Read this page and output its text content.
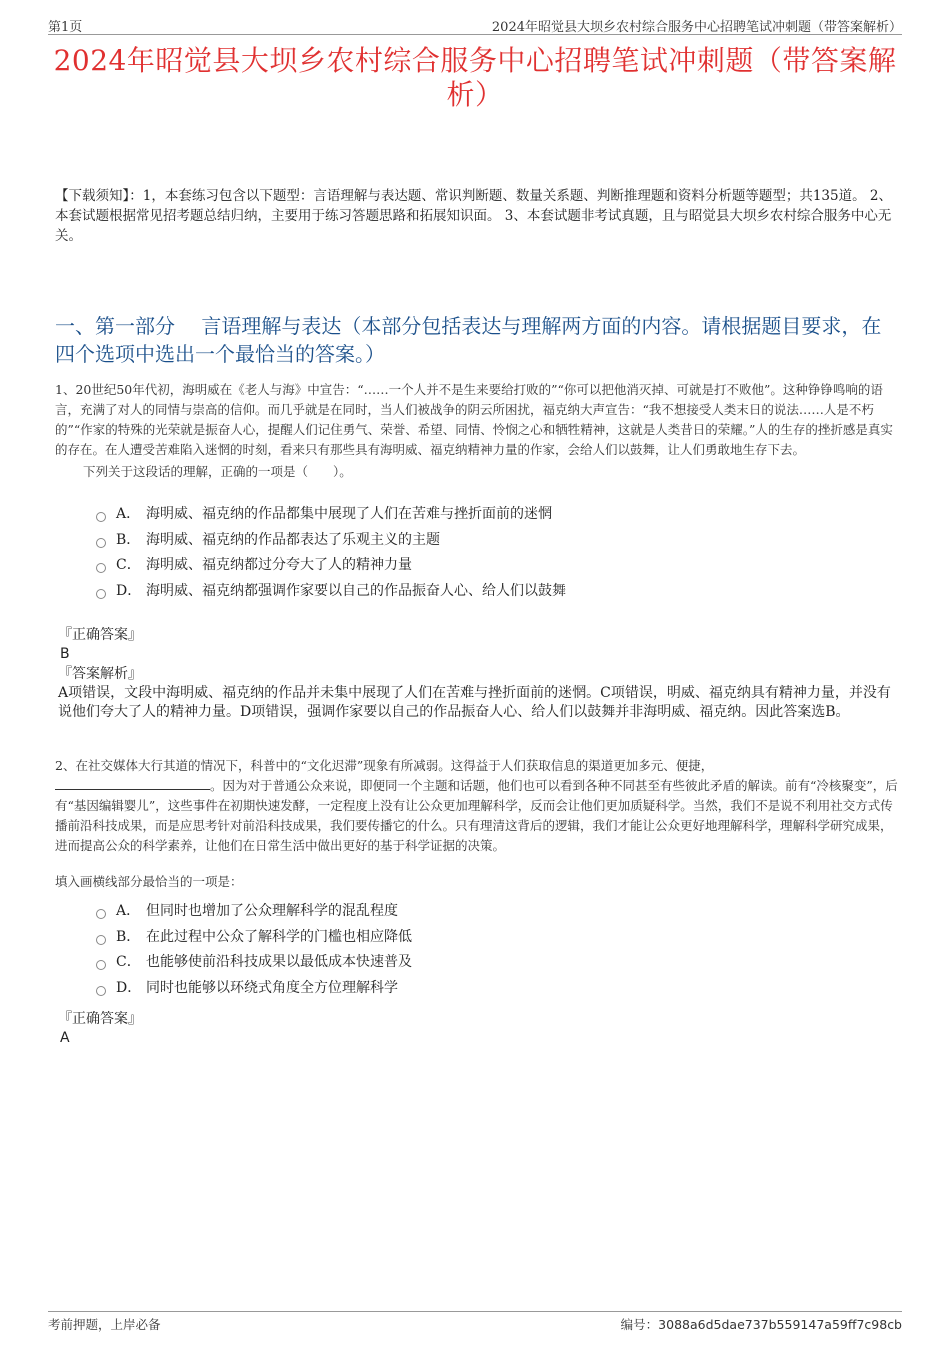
第1页	2024年昭觉县大坝乡农村综合服务中心招聘笔试冲刺题（带答案解析）
2024年昭觉县大坝乡农村综合服务中心招聘笔试冲刺题（带答案解析）
【下载须知】：1，本套练习包含以下题型：言语理解与表达题、常识判断题、数量关系题、判断推理题和资料分析题等题型；共135道。 2、本套试题根据常见招考题总结归纳，主要用于练习答题思路和拓展知识面。 3、本套试题非考试真题，且与昭觉县大坝乡农村综合服务中心无关。
一、第一部分　 言语理解与表达（本部分包括表达与理解两方面的内容。请根据题目要求，在四个选项中选出一个最恰当的答案。）

1、20世纪50年代初，海明威在《老人与海》中宣告：“……一个人并不是生来要给打败的”“你可以把他消灭掉、可就是打不败他”。这种铮铮鸣响的语言，充满了对人的同情与崇高的信仰。而几乎就是在同时，当人们被战争的阴云所困扰，福克纳大声宣告：“我不想接受人类末日的说法……人是不朽的”“作家的特殊的光荣就是振奋人心，提醒人们记住勇气、荣誉、希望、同情、怜悯之心和牺牲精神，这就是人类昔日的荣耀。”人的生存的挫折感是真实的存在。在人遭受苦难陷入迷惘的时刻，看来只有那些具有海明威、福克纳精神力量的作家，会给人们以鼓舞，让人们勇敢地生存下去。

下列关于这段话的理解，正确的一项是（　　）。

A． 海明威、福克纳的作品都集中展现了人们在苦难与挫折面前的迷惘
B． 海明威、福克纳的作品都表达了乐观主义的主题
C． 海明威、福克纳都过分夸大了人的精神力量
D． 海明威、福克纳都强调作家要以自己的作品振奋人心、给人们以鼓舞
『正确答案』
B
『答案解析』
A项错误，文段中海明威、福克纳的作品并未集中展现了人们在苦难与挫折面前的迷惘。C项错误，明威、福克纳具有精神力量，并没有说他们夸大了人的精神力量。D项错误，强调作家要以自己的作品振奋人心、给人们以鼓舞并非海明威、福克纳。因此答案选B。

2、在社交媒体大行其道的情况下，科普中的“文化迟滞”现象有所减弱。这得益于人们获取信息的渠道更加多元、便捷，
。因为对于普通公众来说，即便同一个主题和话题，他们也可以看到各种不同甚至有些彼此矛盾的解读。前有“冷核聚变”，后有“基因编辑婴儿”，这些事件在初期快速发酵，一定程度上没有让公众更加理解科学，反而会让他们更加质疑科学。当然，我们不是说不利用社交方式传播前沿科技成果，而是应思考针对前沿科技成果，我们要传播它的什么。只有理清这背后的逻辑，我们才能让公众更好地理解科学，理解科学研究成果，进而提高公众的科学素养，让他们在日常生活中做出更好的基于科学证据的决策。

填入画横线部分最恰当的一项是：

A． 但同时也增加了公众理解科学的混乱程度
B． 在此过程中公众了解科学的门槛也相应降低
C． 也能够使前沿科技成果以最低成本快速普及
D． 同时也能够以环绕式角度全方位理解科学
『正确答案』
A
考前押题，上岸必备	编号：3088a6d5dae737b559147a59ff7c98cb
